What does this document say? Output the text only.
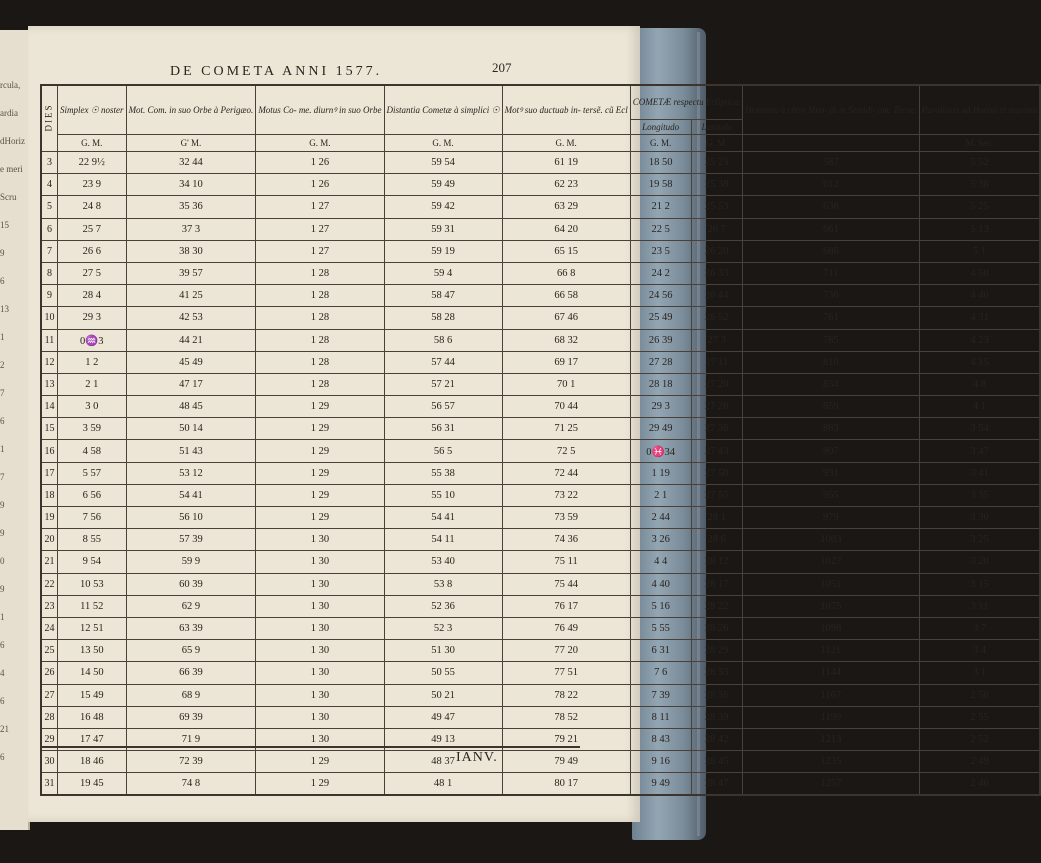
rcula,
ardia
dHoriz
e merì
Scru
15
9
6
13
1
2
7
6
1
7
9
9
0
9
1
6
4
6
21
6
DE COMETA ANNI 1577.	207
DIES	Simplex ☉ noster	Mot. Com. in suo Orbe à Perigæo.	Motus Co- me. diurnꝰ in suo Orbe	Distantia Cometæ à simplici ☉	Motꝰ suo ductuab in- tersẽ. cũ Ecl	COMETÆ respectu Eclipticæ		Distantia à cẽtro Mun- di in Semidi- am. Terræ.	Parallaxis ad Horizõ tẽ maxima
						Longitudo	Latitudo		
	G. M.	G' M.	G. M.	G. M.	G. M.	G. M.	G. M.		M. Sec.
3	22 9½	32 44	1 26	59 54	61 19	18 50	25 23	587	5 52
4	23 9	34 10	1 26	59 49	62 23	19 58	25 38	612	5 38
5	24 8	35 36	1 27	59 42	63 29	21 2	25 53	636	5 25
6	25 7	37 3	1 27	59 31	64 20	22 5	26 7	661	5 13
7	26 6	38 30	1 27	59 19	65 15	23 5	26 20	686	5 1
8	27 5	39 57	1 28	59 4	66 8	24 2	26 33	711	4 50
9	28 4	41 25	1 28	58 47	66 58	24 56	26 44	736	4 40
10	29 3	42 53	1 28	58 28	67 46	25 49	26 52	761	4 31
11	0♒3	44 21	1 28	58 6	68 32	26 39	27 3	785	4 23
12	1 2	45 49	1 28	57 44	69 17	27 28	27 11	810	4 15
13	2 1	47 17	1 28	57 21	70 1	28 18	27 20	834	4 8
14	3 0	48 45	1 29	56 57	70 44	29 3	27 28	859	4 1
15	3 59	50 14	1 29	56 31	71 25	29 49	27 36	883	3 54
16	4 58	51 43	1 29	56 5	72 5	0♓34	27 43	907	3 47
17	5 57	53 12	1 29	55 38	72 44	1 19	27 50	931	3 41
18	6 56	54 41	1 29	55 10	73 22	2 1	27 55	955	3 35
19	7 56	56 10	1 29	54 41	73 59	2 44	28 1	979	3 30
20	8 55	57 39	1 30	54 11	74 36	3 26	28 6	1003	3 25
21	9 54	59 9	1 30	53 40	75 11	4 4	28 12	1027	3 20
22	10 53	60 39	1 30	53 8	75 44	4 40	28 17	1051	3 15
23	11 52	62 9	1 30	52 36	76 17	5 16	28 22	1075	3 11
24	12 51	63 39	1 30	52 3	76 49	5 55	28 26	1098	3 7
25	13 50	65 9	1 30	51 30	77 20	6 31	28 29	1121	3 4
26	14 50	66 39	1 30	50 55	77 51	7 6	28 33	1144	3 1
27	15 49	68 9	1 30	50 21	78 22	7 39	28 36	1167	2 58
28	16 48	69 39	1 30	49 47	78 52	8 11	28 39	1190	2 55
29	17 47	71 9	1 30	49 13	79 21	8 43	28 42	1213	2 52
30	18 46	72 39	1 29	48 37	79 49	9 16	28 45	1235	2 49
31	19 45	74 8	1 29	48 1	80 17	9 49	28 47	1257	2 46
IANV.
